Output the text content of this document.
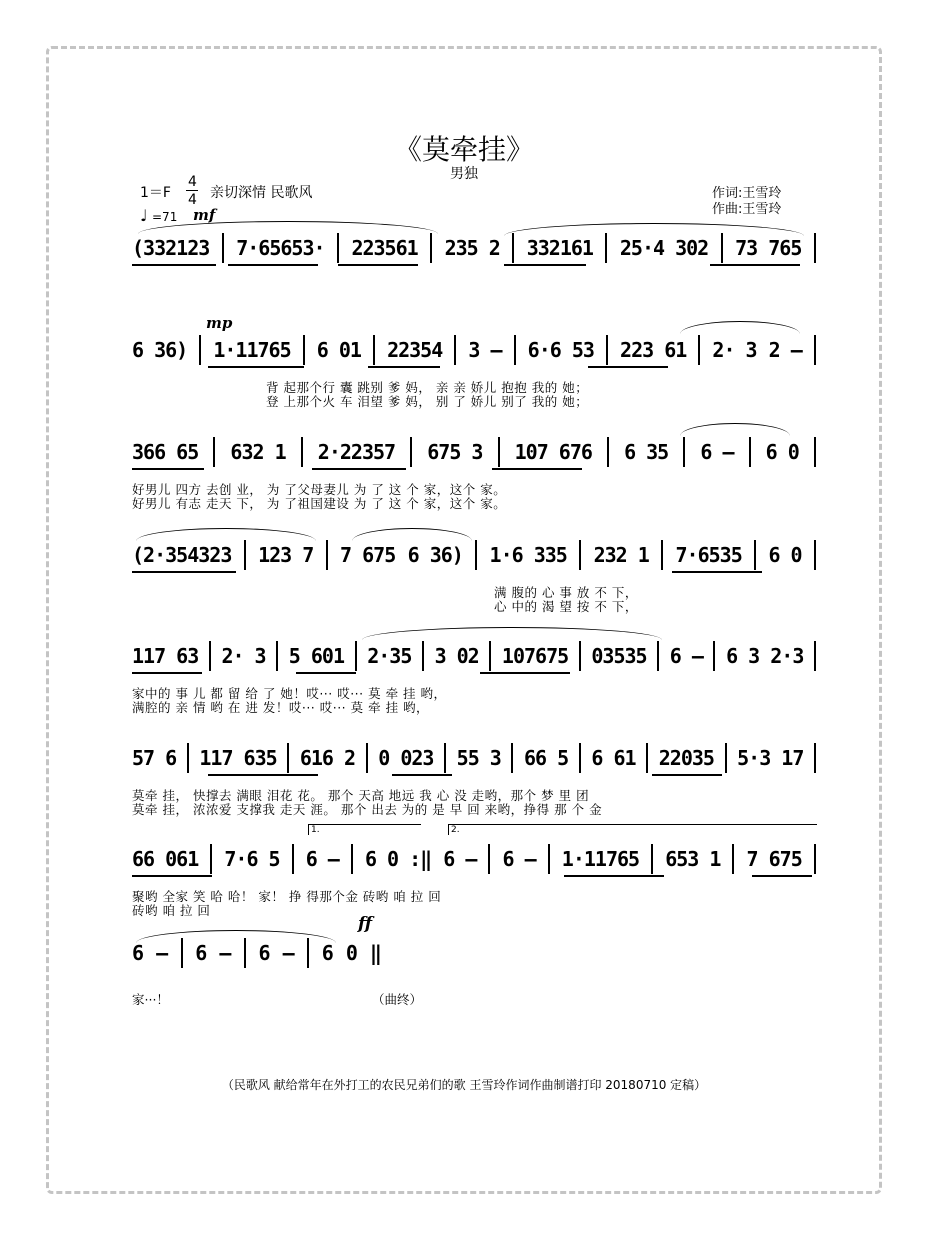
《莫牵挂》
男独
1＝F
4
4 亲切深情 民歌风
♩ =71 mf
作词:王雪玲
作曲:王雪玲
(332123 7·65653· 223561 235 2 332161 25·4 302 73 765
mp
6 36) 1·11765 6 01 22354 3 – 6·6 53 223 61 2· 3 2 –
背 起那个行 囊 跳别 爹 妈， 亲 亲 娇儿 抱抱 我的 她；
登 上那个火 车 泪望 爹 妈， 别 了 娇儿 别了 我的 她；
366 65 632 1 2·22357 675 3 107 676 6 35 6 – 6 0
好男儿 四方 去创 业， 为 了父母妻儿 为 了 这 个 家，这个 家。
好男儿 有志 走天 下， 为 了祖国建设 为 了 这 个 家，这个 家。
(2·354323 123 7 7 675 6 36) 1·6 335 232 1 7·6535 6 0
满 腹的 心 事 放 不 下，
心 中的 渴 望 按 不 下，
117 63 2· 3 5 601 2·35 3 02 107675 03535 6 – 6 3 2·3
家中的 事 儿 都 留 给 了 她！哎··· 哎··· 莫 牵 挂 哟，
满腔的 亲 情 哟 在 进 发！哎··· 哎··· 莫 牵 挂 哟，
57 6 117 635 616 2 0 023 55 3 66 5 6 61 22035 5·3 17
莫牵 挂， 快撑去 满眼 泪花 花。 那个 天高 地远 我 心 没 走哟，那个 梦 里 团
莫牵 挂， 浓浓爱 支撑我 走天 涯。 那个 出去 为的 是 早 回 来哟，挣得 那 个 金
1.	2.
66 061 7·6 5 6 – 6 0 :‖ 6 – 6 – 1·11765 653 1 7 675
聚哟 全家 笑 哈 哈！ 家！ 挣 得那个金 砖哟 咱 拉 回
砖哟 咱 拉 回
ff
6 – 6 – 6 – 6 0 ‖
家···！	（曲终）
（民歌风 献给常年在外打工的农民兄弟们的歌 王雪玲作词作曲制谱打印 20180710 定稿）
